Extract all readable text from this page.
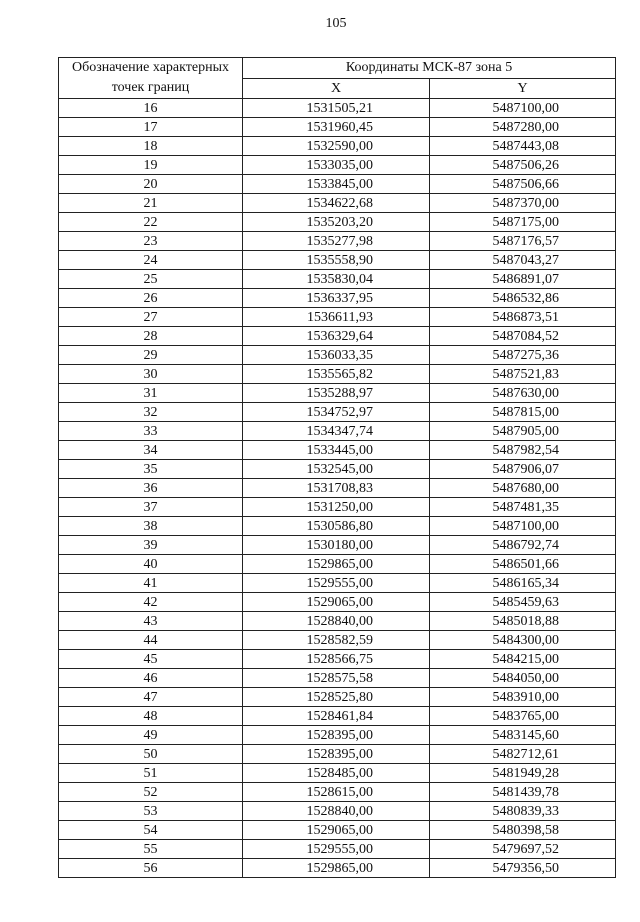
105
Обозначение характерных точек границ	Координаты МСК-87 зона 5	
	X	Y
16	1531505,21	5487100,00
17	1531960,45	5487280,00
18	1532590,00	5487443,08
19	1533035,00	5487506,26
20	1533845,00	5487506,66
21	1534622,68	5487370,00
22	1535203,20	5487175,00
23	1535277,98	5487176,57
24	1535558,90	5487043,27
25	1535830,04	5486891,07
26	1536337,95	5486532,86
27	1536611,93	5486873,51
28	1536329,64	5487084,52
29	1536033,35	5487275,36
30	1535565,82	5487521,83
31	1535288,97	5487630,00
32	1534752,97	5487815,00
33	1534347,74	5487905,00
34	1533445,00	5487982,54
35	1532545,00	5487906,07
36	1531708,83	5487680,00
37	1531250,00	5487481,35
38	1530586,80	5487100,00
39	1530180,00	5486792,74
40	1529865,00	5486501,66
41	1529555,00	5486165,34
42	1529065,00	5485459,63
43	1528840,00	5485018,88
44	1528582,59	5484300,00
45	1528566,75	5484215,00
46	1528575,58	5484050,00
47	1528525,80	5483910,00
48	1528461,84	5483765,00
49	1528395,00	5483145,60
50	1528395,00	5482712,61
51	1528485,00	5481949,28
52	1528615,00	5481439,78
53	1528840,00	5480839,33
54	1529065,00	5480398,58
55	1529555,00	5479697,52
56	1529865,00	5479356,50
